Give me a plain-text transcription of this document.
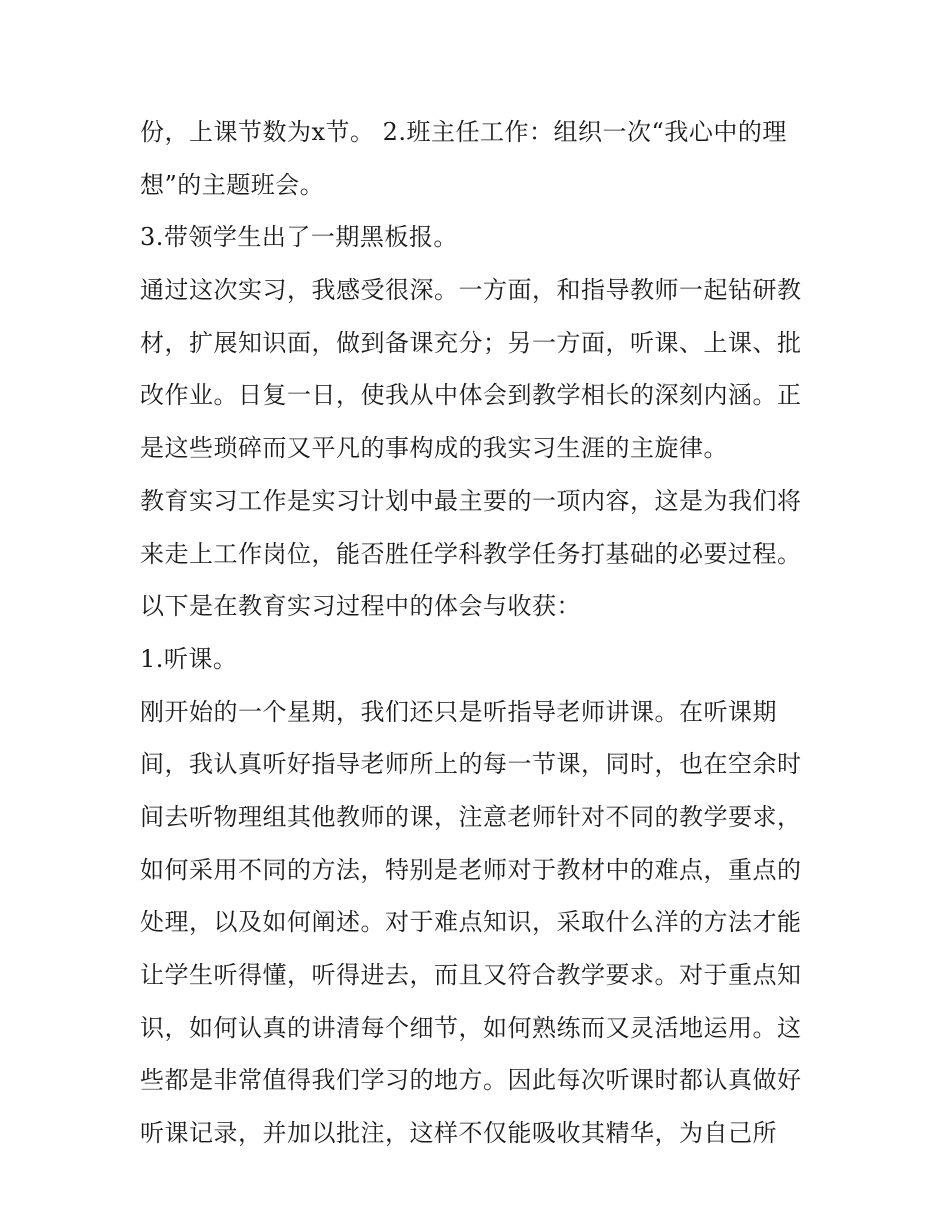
份，上课节数为x节。 2.班主任工作：组织一次“我心中的理
想”的主题班会。
3.带领学生出了一期黑板报。
通过这次实习，我感受很深。一方面，和指导教师一起钻研教
材，扩展知识面，做到备课充分；另一方面，听课、上课、批
改作业。日复一日，使我从中体会到教学相长的深刻内涵。正
是这些琐碎而又平凡的事构成的我实习生涯的主旋律。
教育实习工作是实习计划中最主要的一项内容，这是为我们将
来走上工作岗位，能否胜任学科教学任务打基础的必要过程。
以下是在教育实习过程中的体会与收获：
1.听课。
刚开始的一个星期，我们还只是听指导老师讲课。在听课期
间，我认真听好指导老师所上的每一节课，同时，也在空余时
间去听物理组其他教师的课，注意老师针对不同的教学要求，
如何采用不同的方法，特别是老师对于教材中的难点，重点的
处理，以及如何阐述。对于难点知识，采取什么洋的方法才能
让学生听得懂，听得进去，而且又符合教学要求。对于重点知
识，如何认真的讲清每个细节，如何熟练而又灵活地运用。这
些都是非常值得我们学习的地方。因此每次听课时都认真做好
听课记录，并加以批注，这样不仅能吸收其精华，为自己所
